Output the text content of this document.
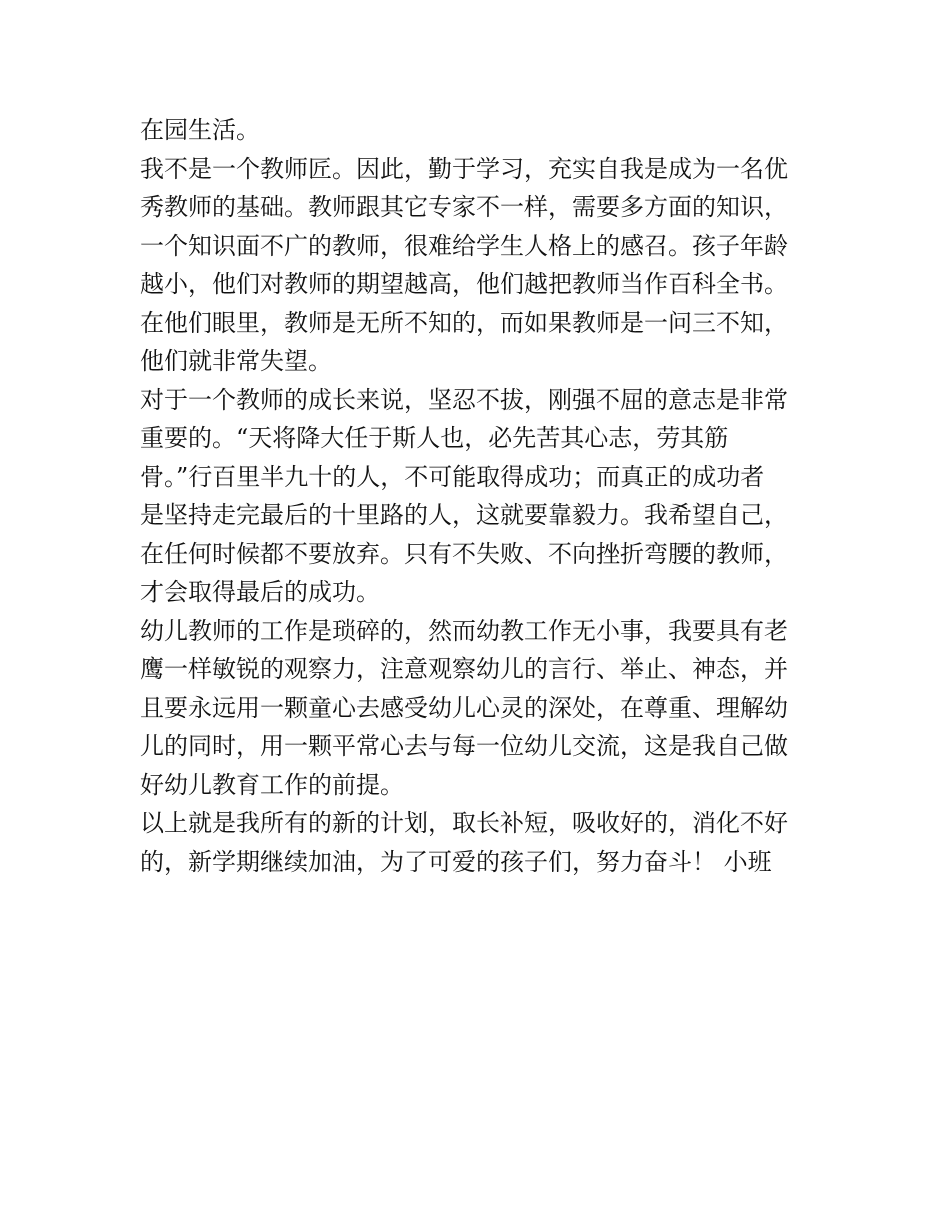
在园生活。
我不是一个教师匠。因此，勤于学习，充实自我是成为一名优
秀教师的基础。教师跟其它专家不一样，需要多方面的知识，
一个知识面不广的教师，很难给学生人格上的感召。孩子年龄
越小，他们对教师的期望越高，他们越把教师当作百科全书。
在他们眼里，教师是无所不知的，而如果教师是一问三不知，
他们就非常失望。
对于一个教师的成长来说，坚忍不拔，刚强不屈的意志是非常
重要的。“天将降大任于斯人也，必先苦其心志，劳其筋
骨。”行百里半九十的人，不可能取得成功；而真正的成功者
是坚持走完最后的十里路的人，这就要靠毅力。我希望自己，
在任何时候都不要放弃。只有不失败、不向挫折弯腰的教师，
才会取得最后的成功。
幼儿教师的工作是琐碎的，然而幼教工作无小事，我要具有老
鹰一样敏锐的观察力，注意观察幼儿的言行、举止、神态，并
且要永远用一颗童心去感受幼儿心灵的深处，在尊重、理解幼
儿的同时，用一颗平常心去与每一位幼儿交流，这是我自己做
好幼儿教育工作的前提。
以上就是我所有的新的计划，取长补短，吸收好的，消化不好
的，新学期继续加油，为了可爱的孩子们，努力奋斗！ 小班
